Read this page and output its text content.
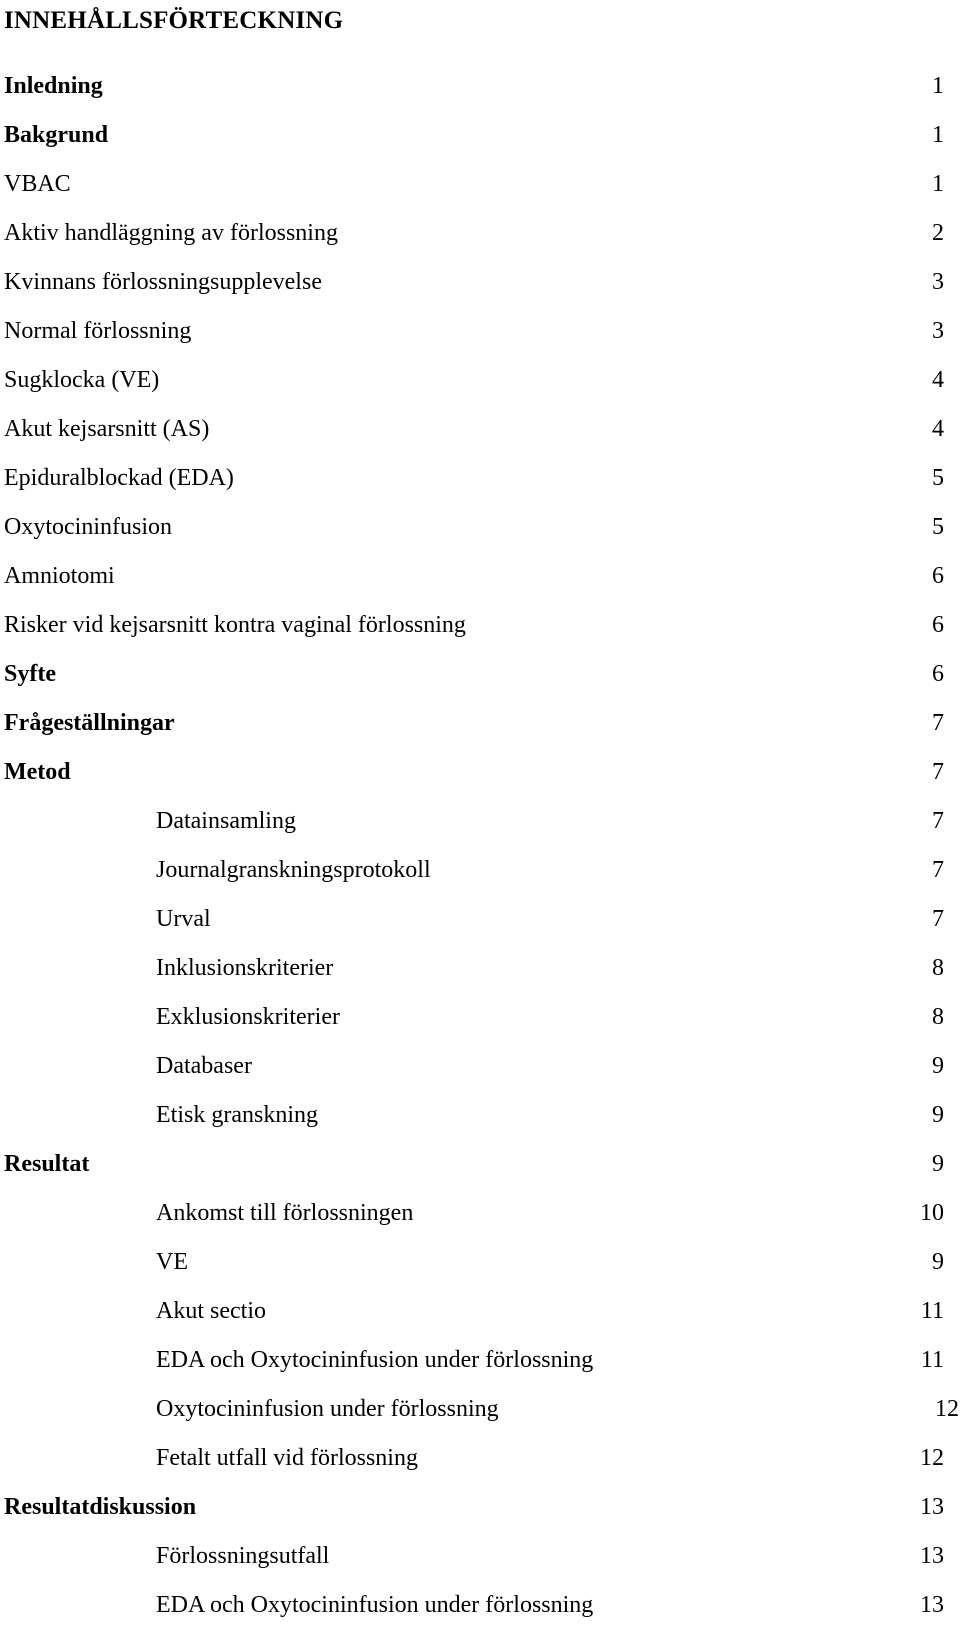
INNEHÅLLSFÖRTECKNING
Inledning	1
Bakgrund	1
VBAC	1
Aktiv handläggning av förlossning	2
Kvinnans förlossningsupplevelse	3
Normal förlossning	3
Sugklocka (VE)	4
Akut kejsarsnitt (AS)	4
Epiduralblockad (EDA)	5
Oxytocininfusion	5
Amniotomi	6
Risker vid kejsarsnitt kontra vaginal förlossning	6
Syfte	6
Frågeställningar	7
Metod	7
Datainsamling	7
Journalgranskningsprotokoll	7
Urval	7
Inklusionskriterier	8
Exklusionskriterier	8
Databaser	9
Etisk granskning	9
Resultat	9
Ankomst till förlossningen	10
VE	9
Akut sectio	11
EDA och Oxytocininfusion under förlossning	11
Oxytocininfusion under förlossning	12
Fetalt utfall vid förlossning	12
Resultatdiskussion	13
Förlossningsutfall	13
EDA och Oxytocininfusion under förlossning	13
